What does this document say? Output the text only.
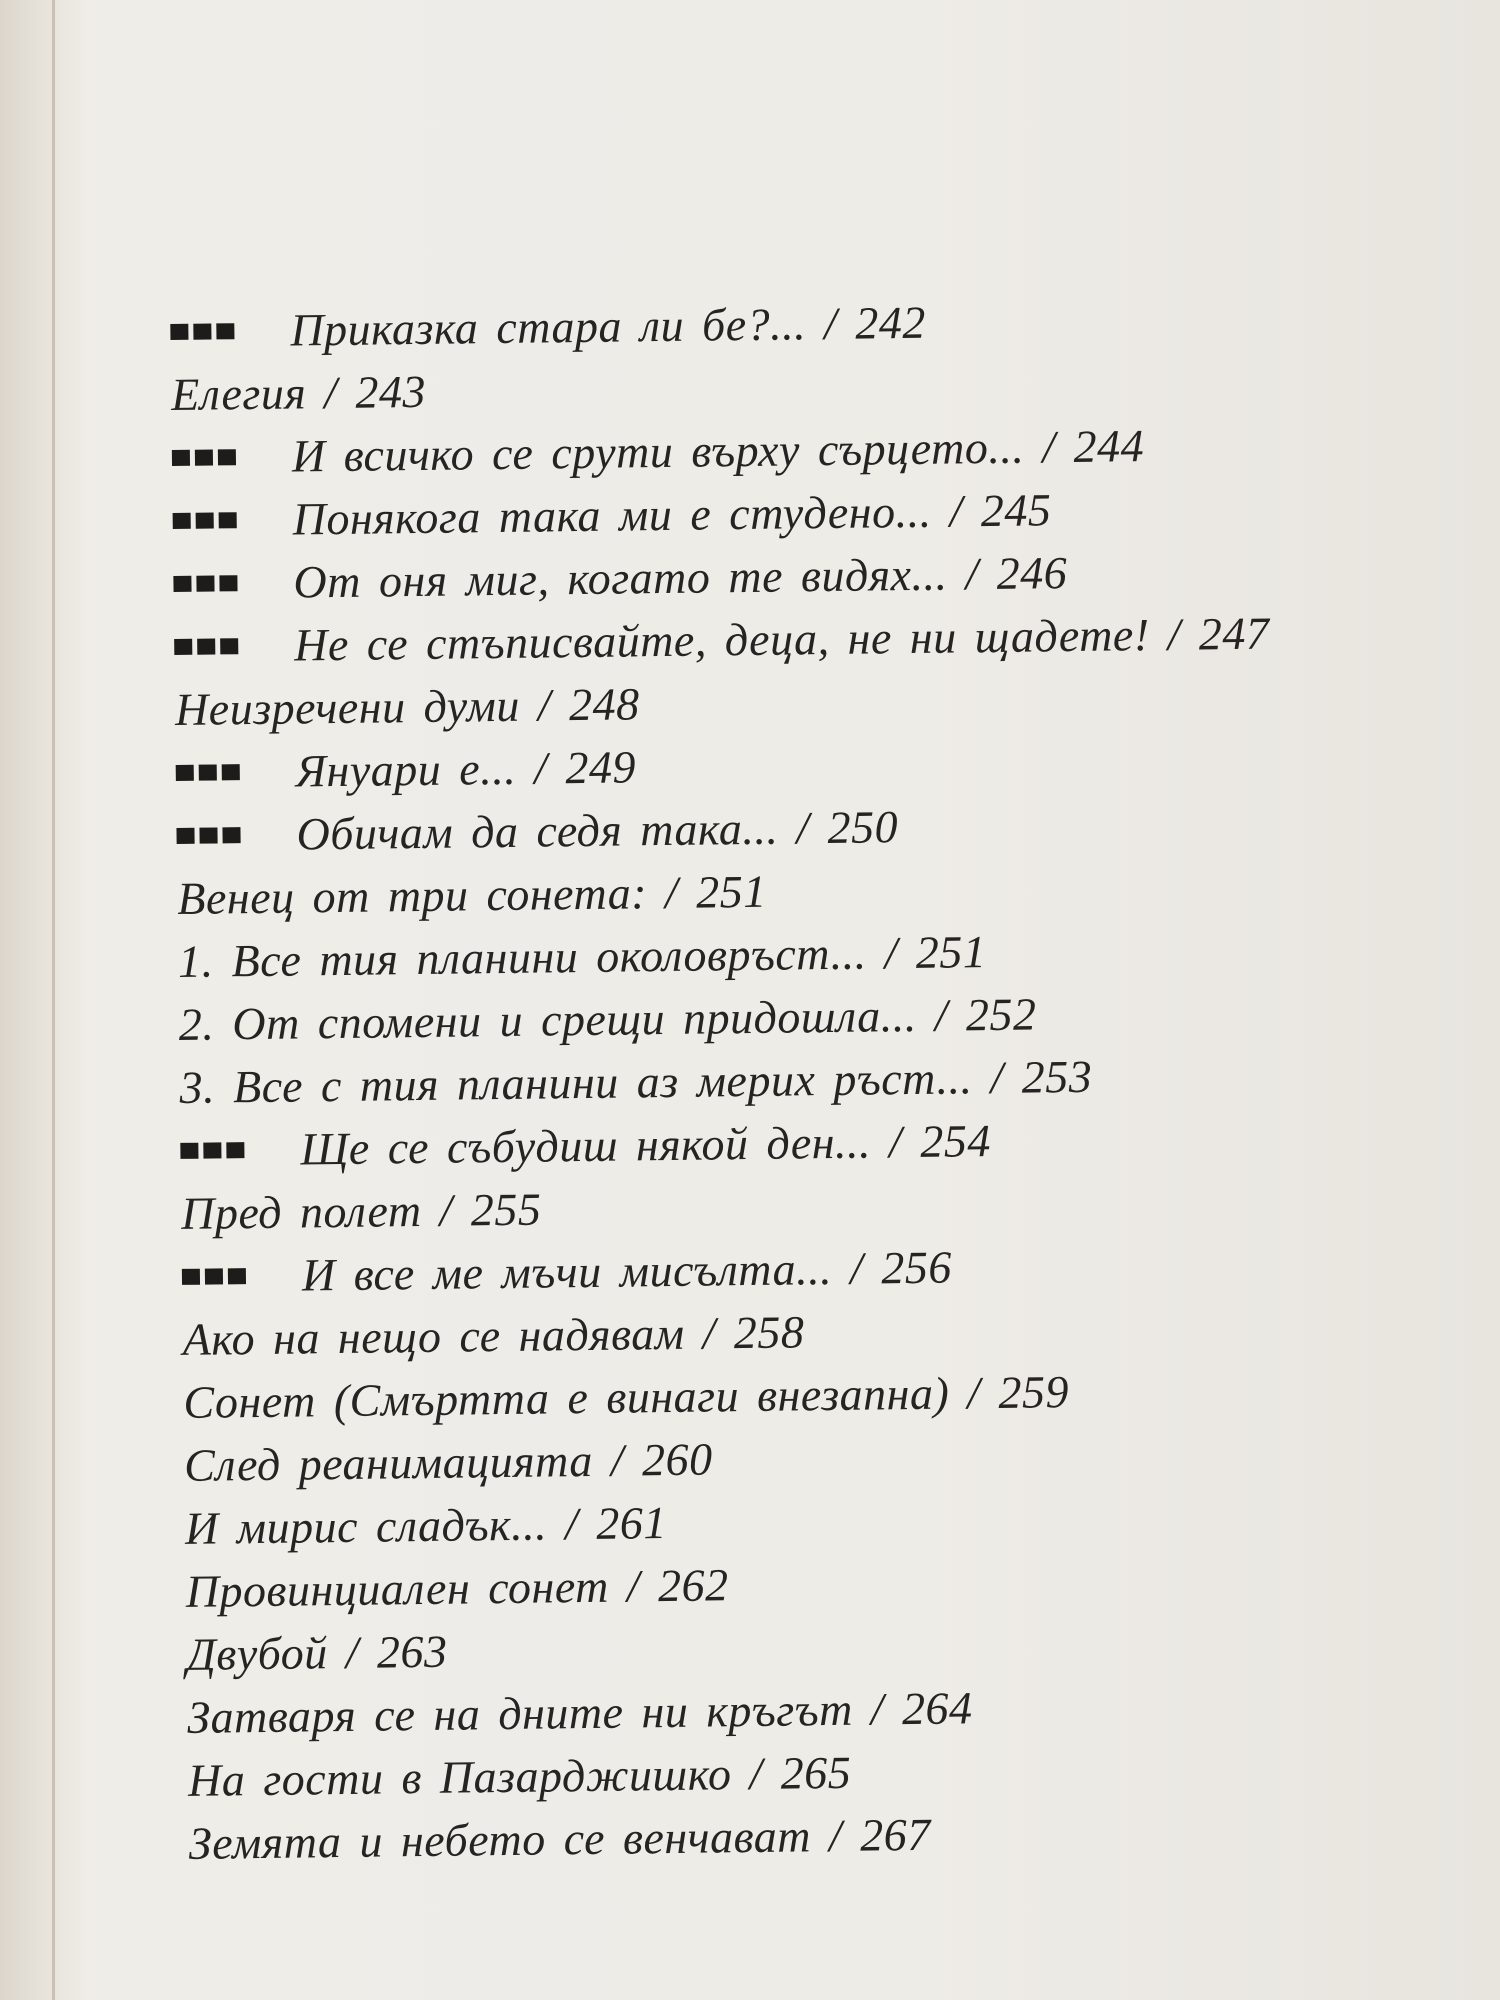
Приказка стара ли бе?... / 242
Елегия / 243
И всичко се срути върху сърцето... / 244
Понякога така ми е студено... / 245
От оня миг, когато те видях... / 246
Не се стъписвайте, деца, не ни щадете! / 247
Неизречени думи / 248
Януари е... / 249
Обичам да седя така... / 250
Венец от три сонета: / 251
1. Все тия планини околовръст... / 251
2. От спомени и срещи придошла... / 252
3. Все с тия планини аз мерих ръст... / 253
Ще се събудиш някой ден... / 254
Пред полет / 255
И все ме мъчи мисълта... / 256
Ако на нещо се надявам / 258
Сонет (Смъртта е винаги внезапна) / 259
След реанимацията / 260
И мирис сладък... / 261
Провинциален сонет / 262
Двубой / 263
Затваря се на дните ни кръгът / 264
На гости в Пазарджишко / 265
Земята и небето се венчават / 267
